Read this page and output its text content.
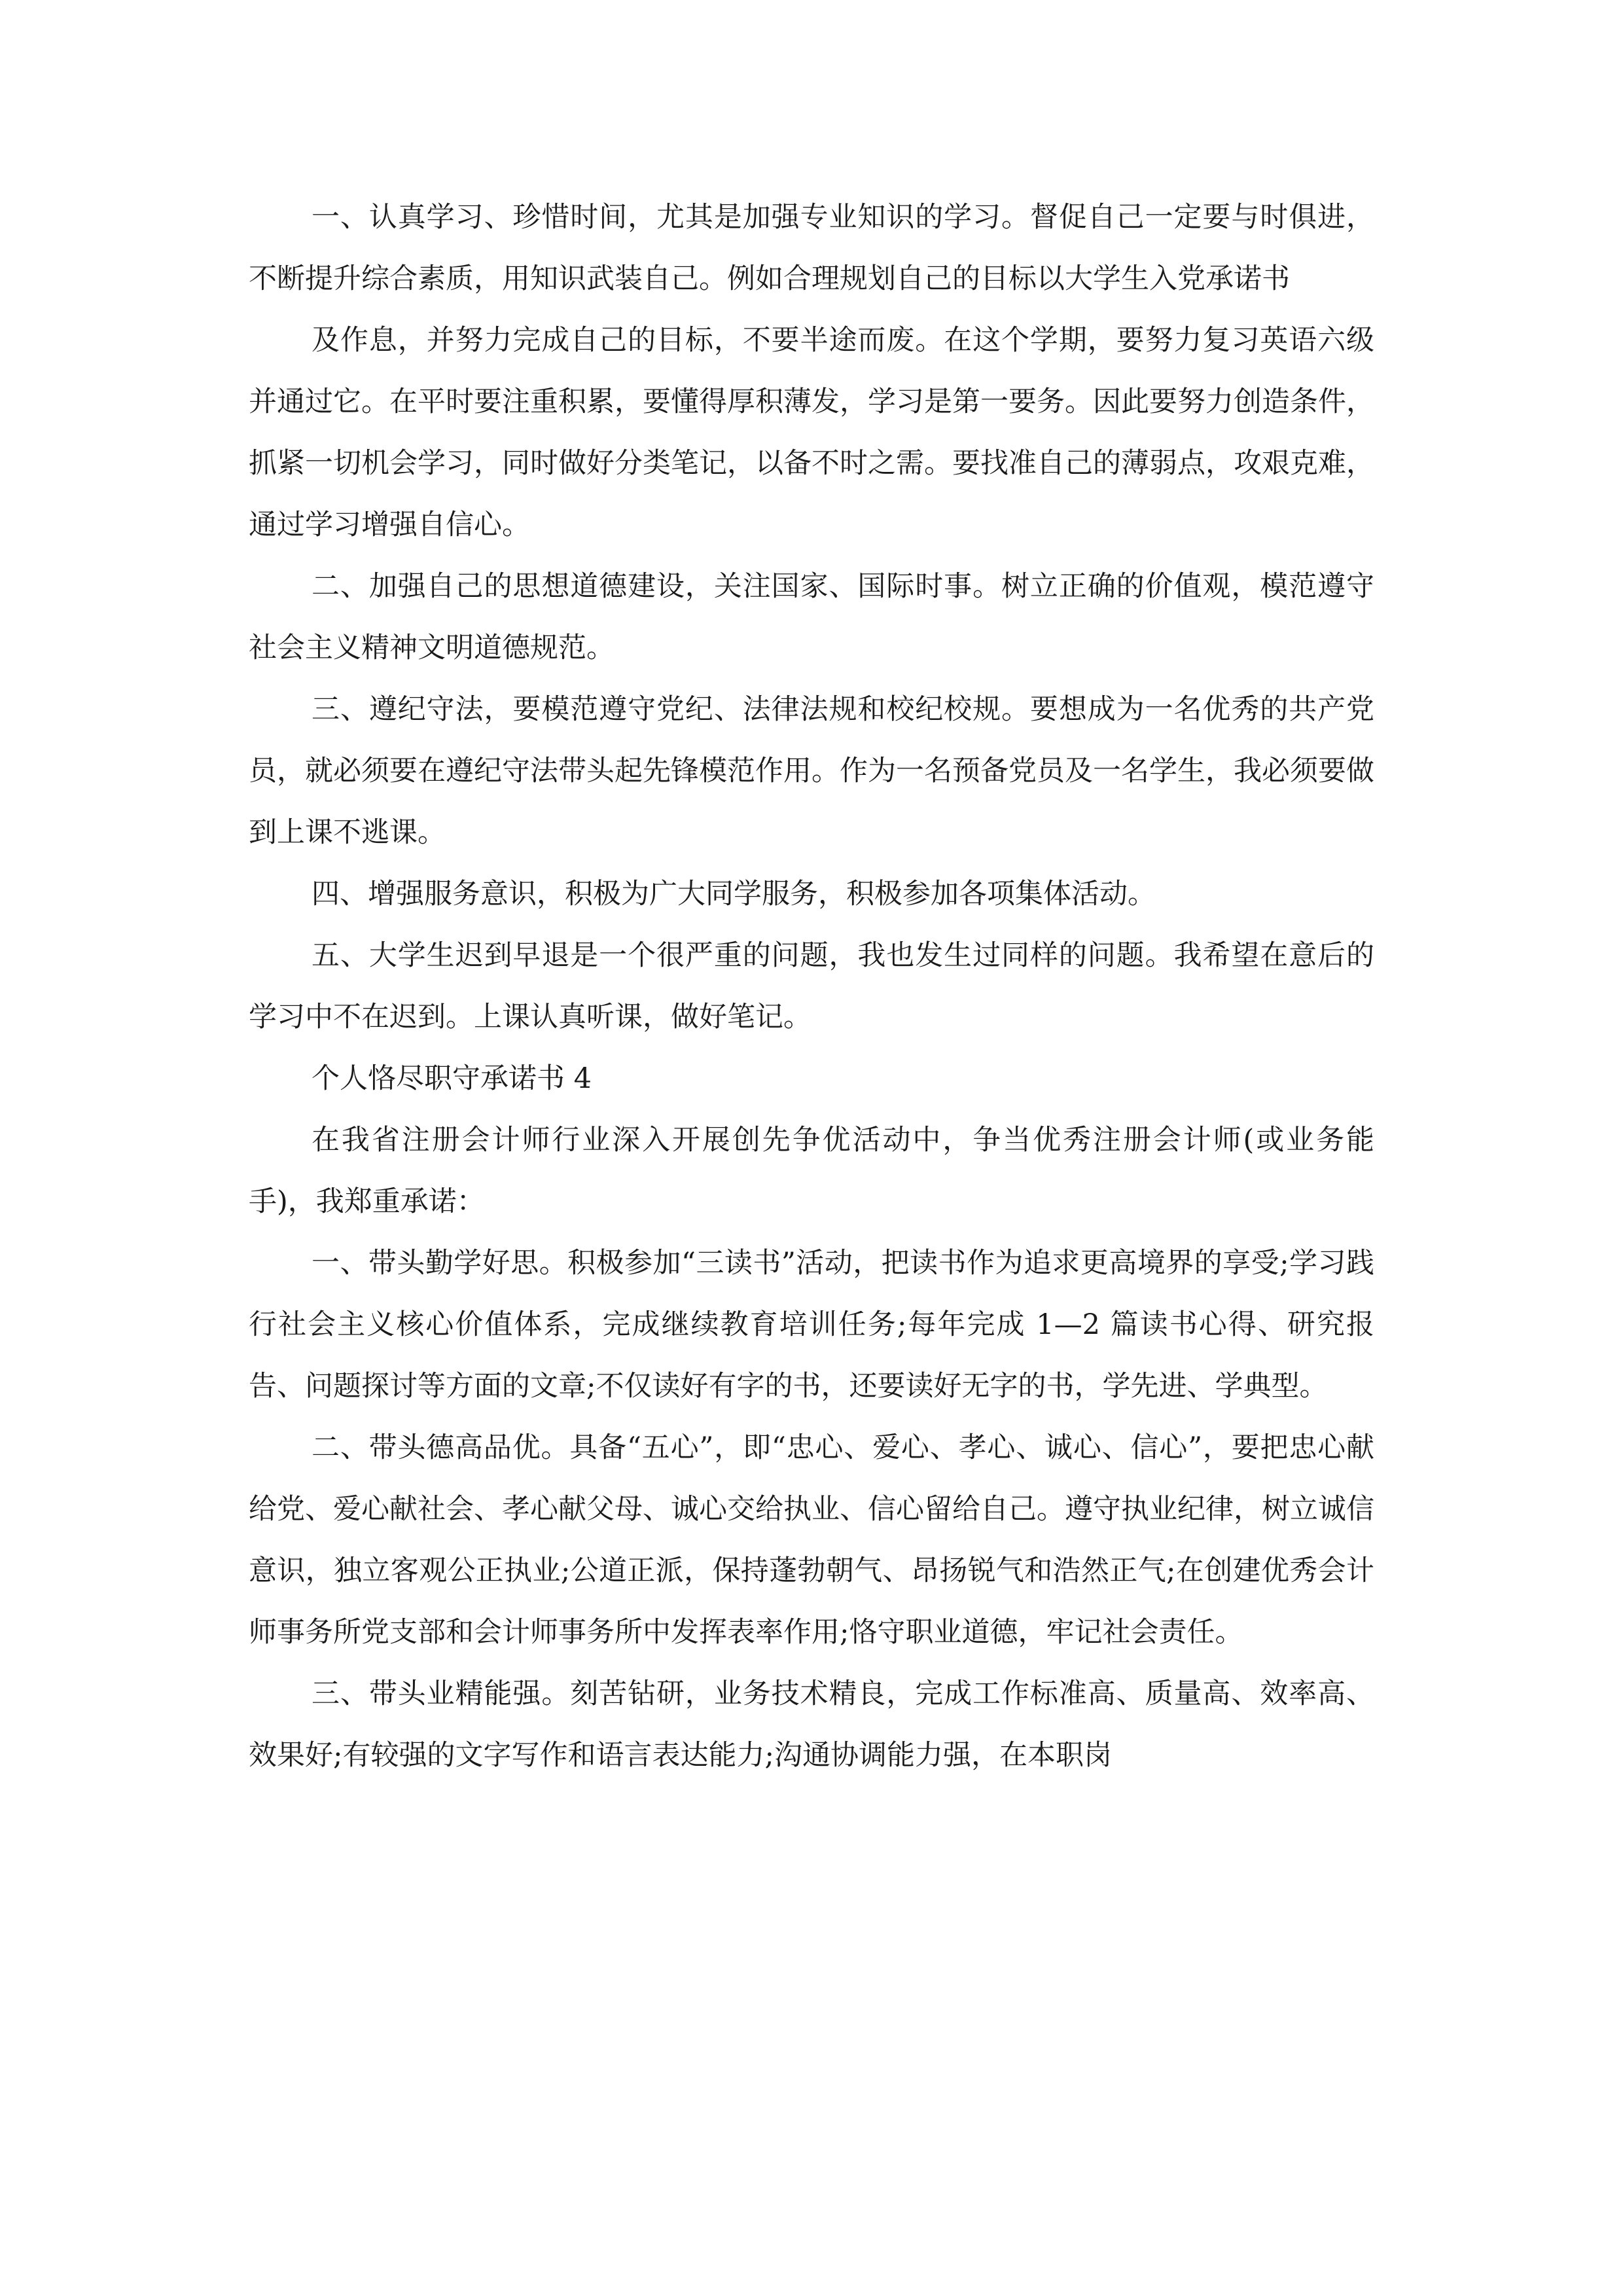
一、认真学习、珍惜时间，尤其是加强专业知识的学习。督促自己一定要与时俱进，不断提升综合素质，用知识武装自己。例如合理规划自己的目标以大学生入党承诺书

及作息，并努力完成自己的目标，不要半途而废。在这个学期，要努力复习英语六级并通过它。在平时要注重积累，要懂得厚积薄发，学习是第一要务。因此要努力创造条件，抓紧一切机会学习，同时做好分类笔记，以备不时之需。要找准自己的薄弱点，攻艰克难，通过学习增强自信心。

二、加强自己的思想道德建设，关注国家、国际时事。树立正确的价值观，模范遵守社会主义精神文明道德规范。

三、遵纪守法，要模范遵守党纪、法律法规和校纪校规。要想成为一名优秀的共产党员，就必须要在遵纪守法带头起先锋模范作用。作为一名预备党员及一名学生，我必须要做到上课不逃课。

四、增强服务意识，积极为广大同学服务，积极参加各项集体活动。

五、大学生迟到早退是一个很严重的问题，我也发生过同样的问题。我希望在意后的学习中不在迟到。上课认真听课，做好笔记。

个人恪尽职守承诺书 4

在我省注册会计师行业深入开展创先争优活动中，争当优秀注册会计师(或业务能手)，我郑重承诺：

一、带头勤学好思。积极参加“三读书”活动，把读书作为追求更高境界的享受;学习践行社会主义核心价值体系，完成继续教育培训任务;每年完成 1—2 篇读书心得、研究报告、问题探讨等方面的文章;不仅读好有字的书，还要读好无字的书，学先进、学典型。

二、带头德高品优。具备“五心”，即“忠心、爱心、孝心、诚心、信心”，要把忠心献给党、爱心献社会、孝心献父母、诚心交给执业、信心留给自己。遵守执业纪律，树立诚信意识，独立客观公正执业;公道正派，保持蓬勃朝气、昂扬锐气和浩然正气;在创建优秀会计师事务所党支部和会计师事务所中发挥表率作用;恪守职业道德，牢记社会责任。

三、带头业精能强。刻苦钻研，业务技术精良，完成工作标准高、质量高、效率高、效果好;有较强的文字写作和语言表达能力;沟通协调能力强，在本职岗
